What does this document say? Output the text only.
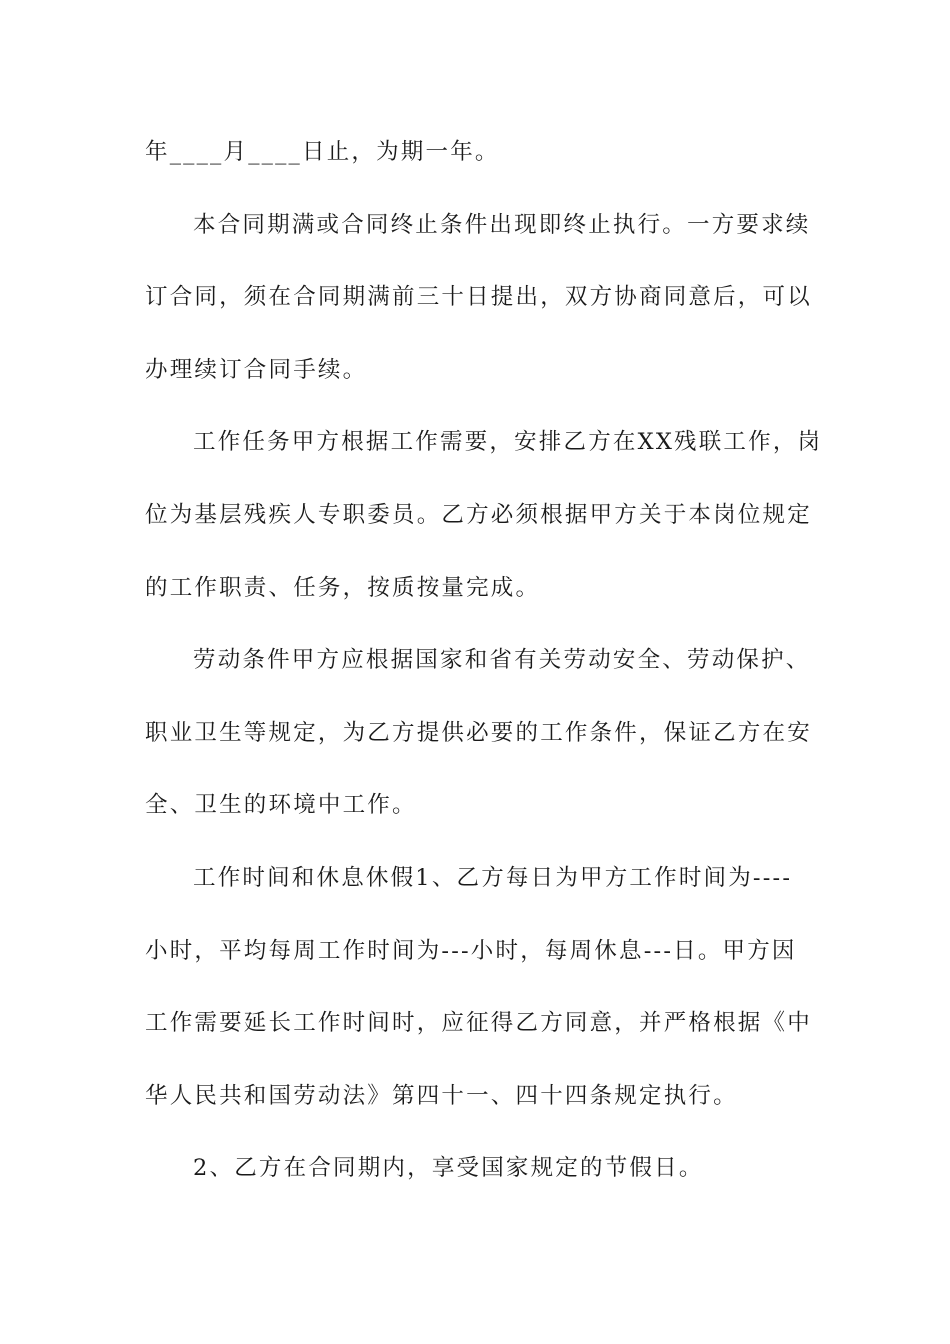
年____月____日止，为期一年。
本合同期满或合同终止条件出现即终止执行。一方要求续
订合同，须在合同期满前三十日提出，双方协商同意后，可以
办理续订合同手续。
工作任务甲方根据工作需要，安排乙方在XX残联工作，岗
位为基层残疾人专职委员。乙方必须根据甲方关于本岗位规定
的工作职责、任务，按质按量完成。
劳动条件甲方应根据国家和省有关劳动安全、劳动保护、
职业卫生等规定，为乙方提供必要的工作条件，保证乙方在安
全、卫生的环境中工作。
工作时间和休息休假1、乙方每日为甲方工作时间为----
小时，平均每周工作时间为---小时，每周休息---日。甲方因
工作需要延长工作时间时，应征得乙方同意，并严格根据《中
华人民共和国劳动法》第四十一、四十四条规定执行。
2、乙方在合同期内，享受国家规定的节假日。
